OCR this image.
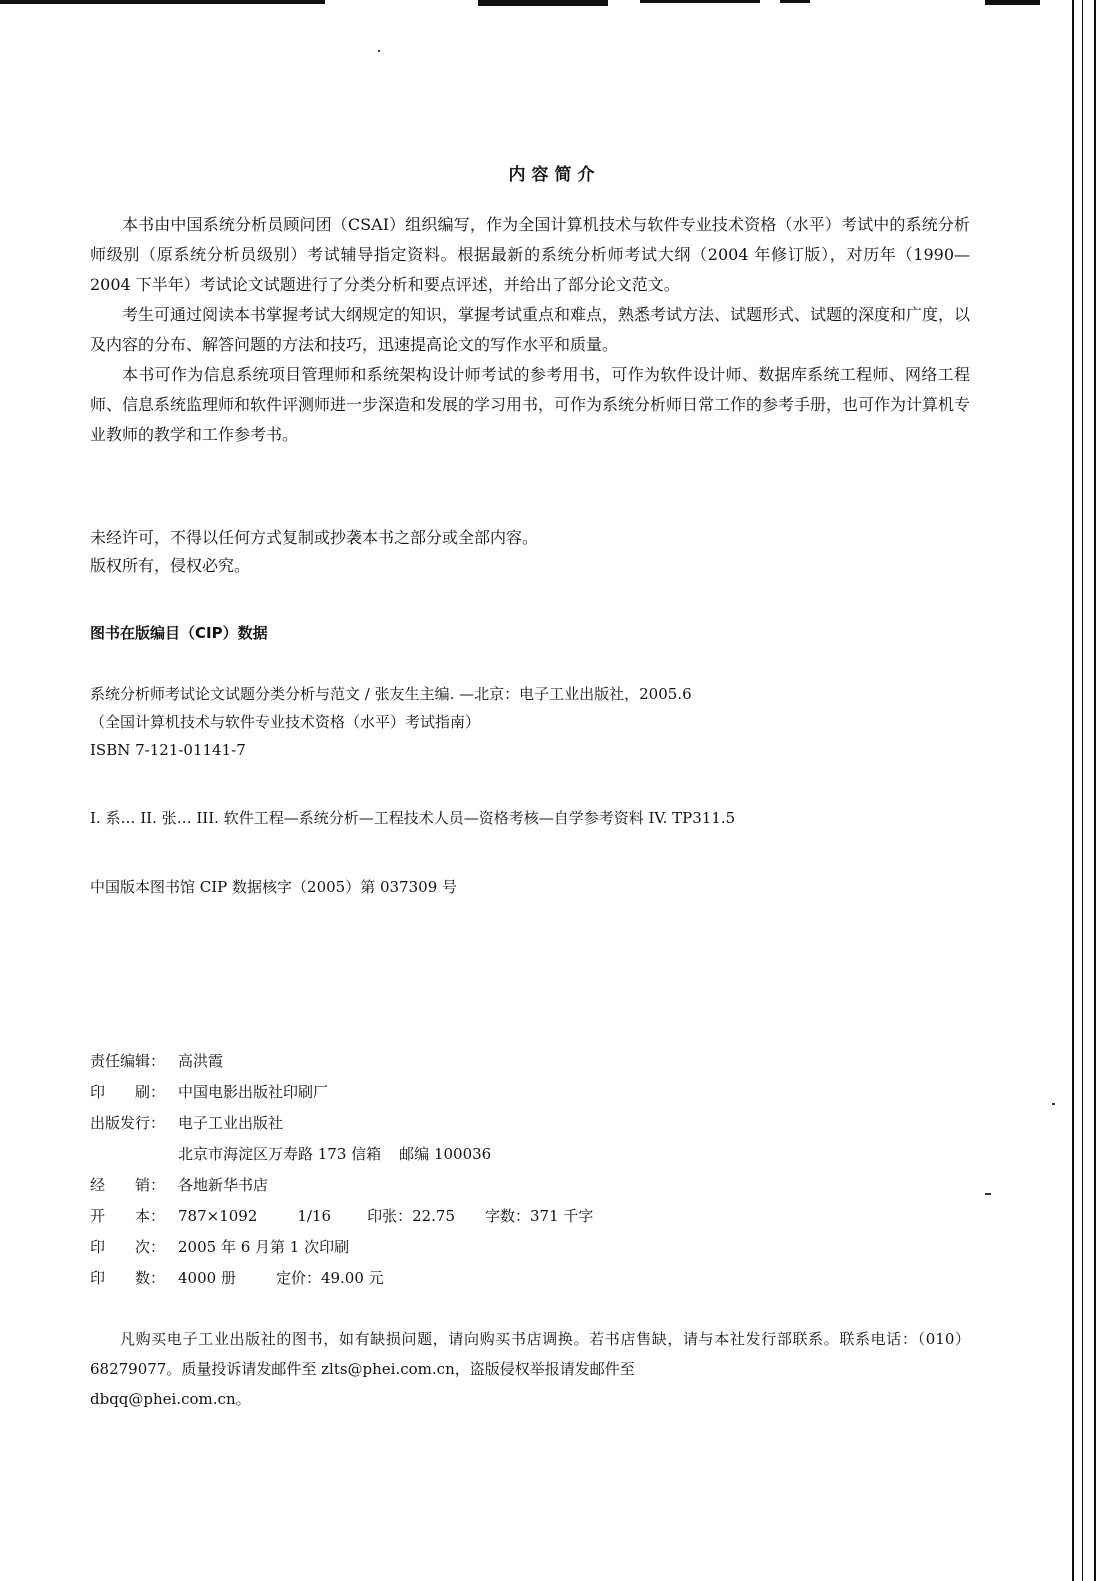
内容简介

本书由中国系统分析员顾问团（CSAI）组织编写，作为全国计算机技术与软件专业技术资格（水平）考试中的系统分析师级别（原系统分析员级别）考试辅导指定资料。根据最新的系统分析师考试大纲（2004 年修订版），对历年（1990—2004 下半年）考试论文试题进行了分类分析和要点评述，并给出了部分论文范文。

考生可通过阅读本书掌握考试大纲规定的知识，掌握考试重点和难点，熟悉考试方法、试题形式、试题的深度和广度，以及内容的分布、解答问题的方法和技巧，迅速提高论文的写作水平和质量。

本书可作为信息系统项目管理师和系统架构设计师考试的参考用书，可作为软件设计师、数据库系统工程师、网络工程师、信息系统监理师和软件评测师进一步深造和发展的学习用书，可作为系统分析师日常工作的参考手册，也可作为计算机专业教师的教学和工作参考书。

未经许可，不得以任何方式复制或抄袭本书之部分或全部内容。

版权所有，侵权必究。

图书在版编目（CIP）数据

系统分析师考试论文试题分类分析与范文 / 张友生主编. —北京：电子工业出版社，2005.6

（全国计算机技术与软件专业技术资格（水平）考试指南）

ISBN 7-121-01141-7

I. 系… II. 张… III. 软件工程—系统分析—工程技术人员—资格考核—自学参考资料 IV. TP311.5

中国版本图书馆 CIP 数据核字（2005）第 037309 号

责任编辑： 高洪霞
印　　刷： 中国电影出版社印刷厂
出版发行： 电子工业出版社
北京市海淀区万寿路 173 信箱 邮编 100036
经　　销： 各地新华书店
开　　本： 787×1092	1/16 印张：22.75 字数：371 千字
印　　次： 2005 年 6 月第 1 次印刷
印　　数： 4000 册	定价：49.00 元

凡购买电子工业出版社的图书，如有缺损问题，请向购买书店调换。若书店售缺，请与本社发行部联系。联系电话：（010）68279077。质量投诉请发邮件至 zlts@phei.com.cn，盗版侵权举报请发邮件至

dbqq@phei.com.cn。
